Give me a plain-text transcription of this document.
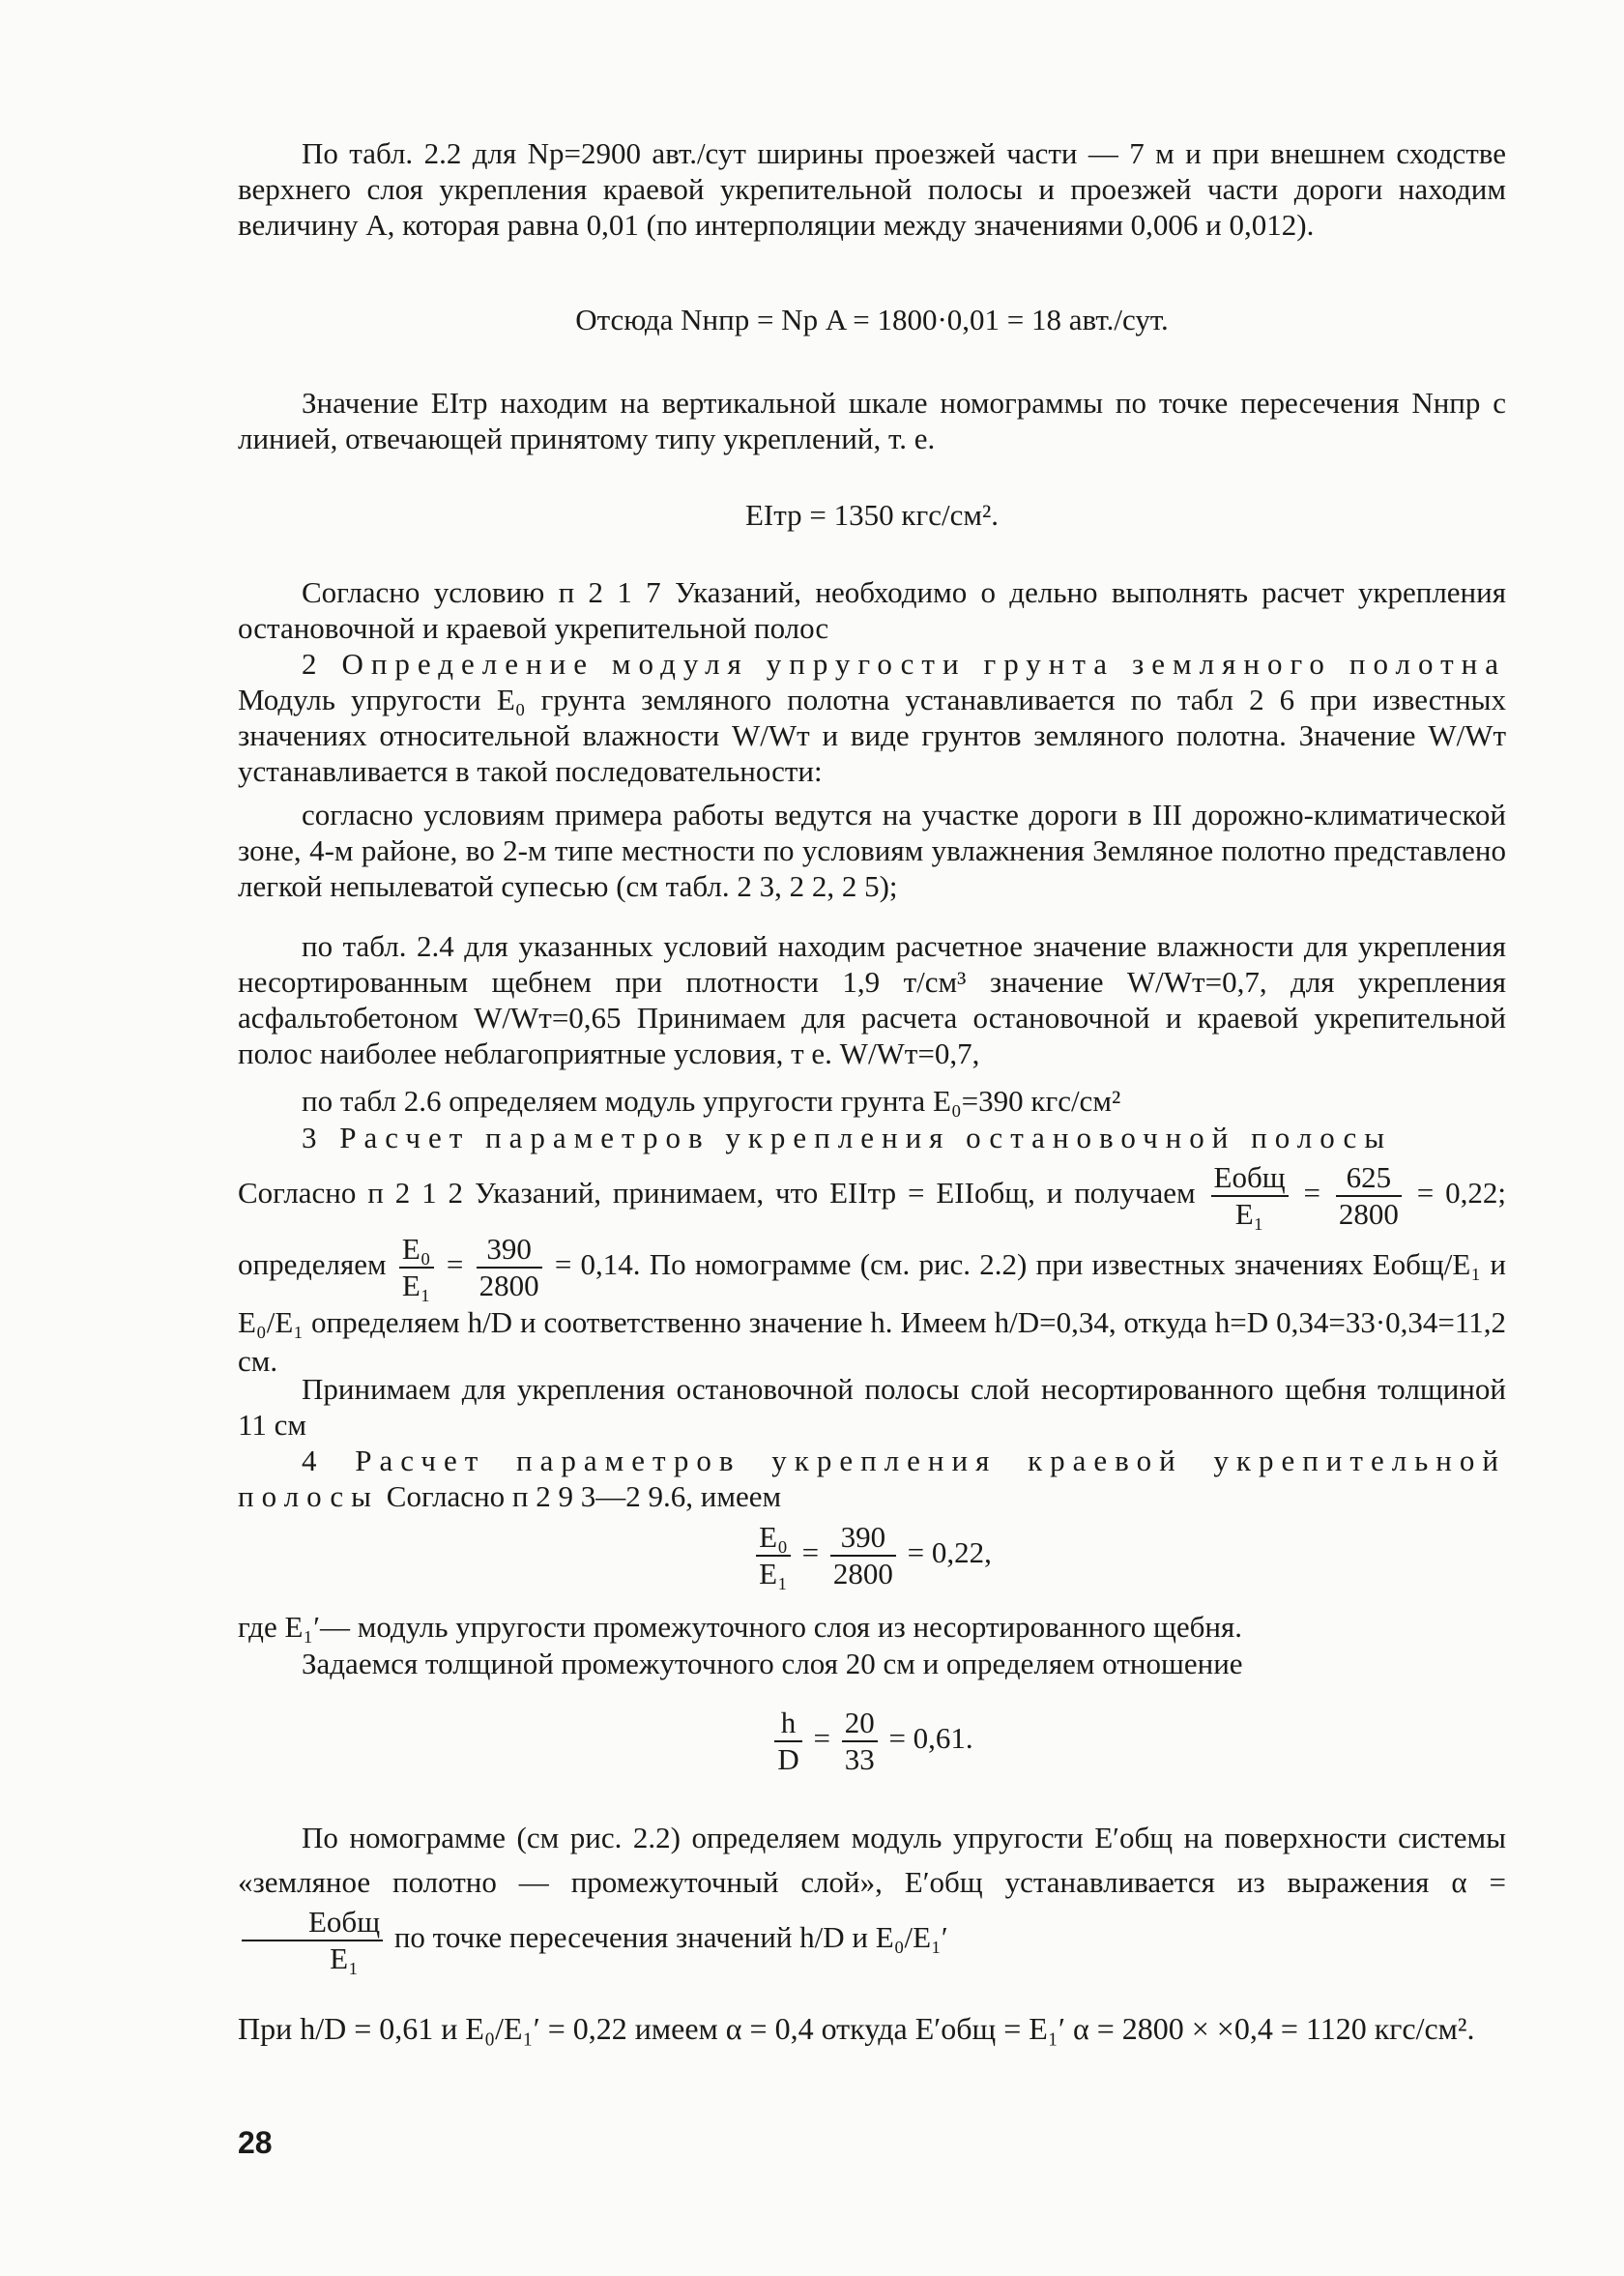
По табл. 2.2 для Nр=2900 авт./сут ширины проезжей части — 7 м и при внешнем сходстве верхнего слоя укрепления краевой укрепительной полосы и проезжей части дороги находим величину А, которая равна 0,01 (по интерполяции между значениями 0,006 и 0,012).
Отсюда Nнпр = Nр A = 1800·0,01 = 18 авт./сут.
Значение EIтр находим на вертикальной шкале номограммы по точке пересечения Nнпр с линией, отвечающей принятому типу укреплений, т. е.
EIтр = 1350 кгс/см².
Согласно условию п 2 1 7 Указаний, необходимо о дельно выполнять расчет укрепления остановочной и краевой укрепительной полос
2 Определение модуля упругости грунта земляного полотна Модуль упругости E₀ грунта земляного полотна устанавливается по табл 2 6 при известных значениях относительной влажности W/Wт и виде грунтов земляного полотна. Значение W/Wт устанавливается в такой последовательности:
согласно условиям примера работы ведутся на участке дороги в III дорожно-климатической зоне, 4-м районе, во 2-м типе местности по условиям увлажнения Земляное полотно представлено легкой непылеватой супесью (см табл. 2 3, 2 2, 2 5);
по табл. 2.4 для указанных условий находим расчетное значение влажности для укрепления несортированным щебнем при плотности 1,9 т/см³ значение W/Wт=0,7, для укрепления асфальтобетоном W/Wт=0,65 Принимаем для расчета остановочной и краевой укрепительной полос наиболее неблагоприятные условия, т е. W/Wт=0,7,
по табл 2.6 определяем модуль упругости грунта E₀=390 кгс/см²
3 Расчет параметров укрепления остановочной полосы
Согласно п 2 1 2 Указаний, принимаем, что EIIтр = EIIобщ, и получаем $\frac{\text{Eобщ}}{\text{E₁}} = \frac{625}{2800} = 0,22$; определяем $\frac{\text{E₀}}{\text{E₁}} = \frac{390}{2800} = 0,14$. По номограмме (см. рис. 2.2) при известных значениях Eобщ/E₁ и E₀/E₁ определяем h/D и соответственно значение h. Имеем h/D=0,34, откуда h=D 0,34=33·0,34=11,2 см.
Принимаем для укрепления остановочной полосы слой несортированного щебня толщиной 11 см
4 Расчет параметров укрепления краевой укрепительной полосы Согласно п 2 9 3—2 9.6, имеем
$\frac{\text{E₀}}{\text{E₁}} = \frac{390}{2800} = 0,22$,
где E₁′— модуль упругости промежуточного слоя из несортированного щебня.
Задаемся толщиной промежуточного слоя 20 см и определяем отношение
$\frac{h}{D} = \frac{20}{33} = 0,61$.
По номограмме (см рис. 2.2) определяем модуль упругости E′общ на поверхности системы «земляное полотно — промежуточный слой», E′общ устанавливается из выражения α =
$\frac{\text{Eобщ}}{\text{E₁}}$ по точке пересечения значений h/D и E₀/E₁′
При h/D = 0,61 и E₀/E₁′ = 0,22 имеем α = 0,4 откуда E′общ = E₁′ α = 2800 × ×0,4 = 1120 кгс/см².
28
